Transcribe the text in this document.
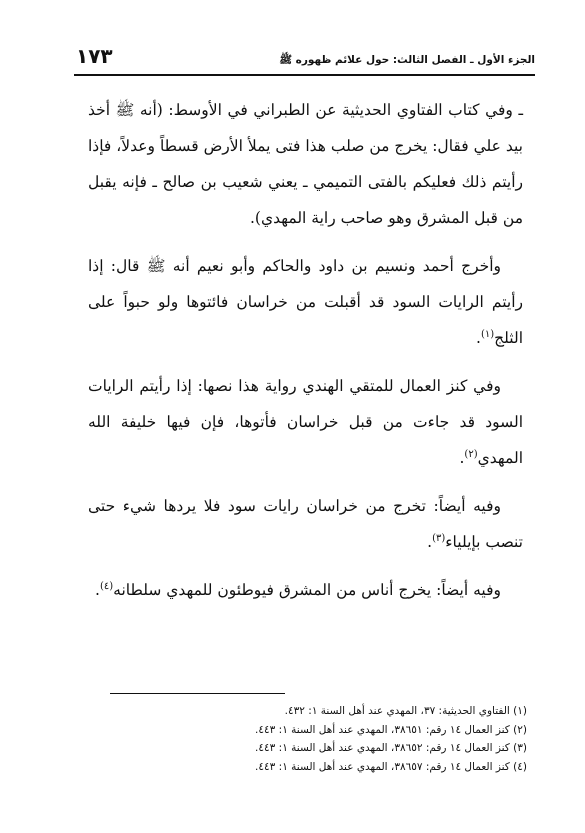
الجزء الأول ـ الفصل الثالث: حول علائم ظهوره ﷺ
١٧٣

ـ وفي كتاب الفتاوي الحديثية عن الطبراني في الأوسط: (أنه ﷺ أخذ بيد علي فقال: يخرج من صلب هذا فتى يملأ الأرض قسطاً وعدلاً، فإذا رأيتم ذلك فعليكم بالفتى التميمي ـ يعني شعيب بن صالح ـ فإنه يقبل من قبل المشرق وهو صاحب راية المهدي).

وأخرج أحمد ونسيم بن داود والحاكم وأبو نعيم أنه ﷺ قال: إذا رأيتم الرايات السود قد أقبلت من خراسان فائتوها ولو حبواً على الثلج$^{(١)}$.

وفي كنز العمال للمتقي الهندي رواية هذا نصها: إذا رأيتم الرايات السود قد جاءت من قبل خراسان فأتوها، فإن فيها خليفة الله المهدي$^{(٢)}$.

وفيه أيضاً: تخرج من خراسان رايات سود فلا يردها شيء حتى تنصب بإيلياء$^{(٣)}$.

وفيه أيضاً: يخرج أناس من المشرق فيوطئون للمهدي سلطانه$^{(٤)}$.

(١) الفتاوي الحديثية: ٣٧، المهدي عند أهل السنة ١: ٤٣٢.

(٢) كنز العمال ١٤ رقم: ٣٨٦٥١، المهدي عند أهل السنة ١: ٤٤٣.

(٣) كنز العمال ١٤ رقم: ٣٨٦٥٢، المهدي عند أهل السنة ١: ٤٤٣.

(٤) كنز العمال ١٤ رقم: ٣٨٦٥٧، المهدي عند أهل السنة ١: ٤٤٣.
